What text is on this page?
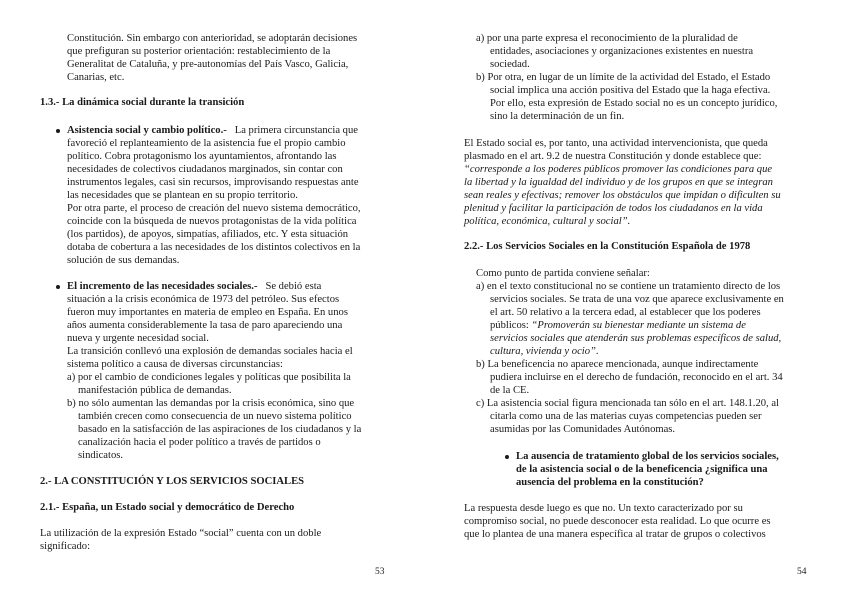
Constitución. Sin embargo con anterioridad, se adoptarán decisiones
que prefiguran su posterior orientación: restablecimiento de la
Generalitat de Cataluña, y pre-autonomías del País Vasco, Galicia,
Canarias, etc.
1.3.- La dinámica social durante la transición
Asistencia social y cambio político.- La primera circunstancia que
favoreció el replanteamiento de la asistencia fue el propio cambio
político. Cobra protagonismo los ayuntamientos, afrontando las
necesidades de colectivos ciudadanos marginados, sin contar con
instrumentos legales, casi sin recursos, improvisando respuestas ante
las necesidades que se plantean en su propio territorio.
Por otra parte, el proceso de creación del nuevo sistema democrático,
coincide con la búsqueda de nuevos protagonistas de la vida política
(los partidos), de apoyos, simpatías, afiliados, etc. Y esta situación
dotaba de cobertura a las necesidades de los distintos colectivos en la
solución de sus demandas.
El incremento de las necesidades sociales.- Se debió esta
situación a la crisis económica de 1973 del petróleo. Sus efectos
fueron muy importantes en materia de empleo en España. En unos
años aumenta considerablemente la tasa de paro apareciendo una
nueva y urgente necesidad social.
La transición conllevó una explosión de demandas sociales hacia el
sistema político a causa de diversas circunstancias:
a) por el cambio de condiciones legales y políticas que posibilita la
manifestación pública de demandas.
b) no sólo aumentan las demandas por la crisis económica, sino que
también crecen como consecuencia de un nuevo sistema político
basado en la satisfacción de las aspiraciones de los ciudadanos y la
canalización hacia el poder político a través de partidos o
sindicatos.
2.- LA CONSTITUCIÓN Y LOS SERVICIOS SOCIALES
2.1.- España, un Estado social y democrático de Derecho
La utilización de la expresión Estado “social” cuenta con un doble
significado:
53
a) por una parte expresa el reconocimiento de la pluralidad de
entidades, asociaciones y organizaciones existentes en nuestra
sociedad.
b) Por otra, en lugar de un límite de la actividad del Estado, el Estado
social implica una acción positiva del Estado que la haga efectiva.
Por ello, esta expresión de Estado social no es un concepto jurídico,
sino la determinación de un fin.
El Estado social es, por tanto, una actividad intervencionista, que queda
plasmado en el art. 9.2 de nuestra Constitución y donde establece que:
“corresponde a los poderes públicos promover las condiciones para que
la libertad y la igualdad del individuo y de los grupos en que se integran
sean reales y efectivas; remover los obstáculos que impidan o dificulten su
plenitud y facilitar la participación de todos los ciudadanos en la vida
política, económica, cultural y social”.
2.2.- Los Servicios Sociales en la Constitución Española de 1978
Como punto de partida conviene señalar:
a) en el texto constitucional no se contiene un tratamiento directo de los
servicios sociales. Se trata de una voz que aparece exclusivamente en
el art. 50 relativo a la tercera edad, al establecer que los poderes
públicos: “Promoverán su bienestar mediante un sistema de
servicios sociales que atenderán sus problemas específicos de salud,
cultura, vivienda y ocio”.
b) La beneficencia no aparece mencionada, aunque indirectamente
pudiera incluirse en el derecho de fundación, reconocido en el art. 34
de la CE.
c) La asistencia social figura mencionada tan sólo en el art. 148.1.20, al
citarla como una de las materias cuyas competencias pueden ser
asumidas por las Comunidades Autónomas.
La ausencia de tratamiento global de los servicios sociales,
de la asistencia social o de la beneficencia ¿significa una
ausencia del problema en la constitución?
La respuesta desde luego es que no. Un texto caracterizado por su
compromiso social, no puede desconocer esta realidad. Lo que ocurre es
que lo plantea de una manera específica al tratar de grupos o colectivos
54
